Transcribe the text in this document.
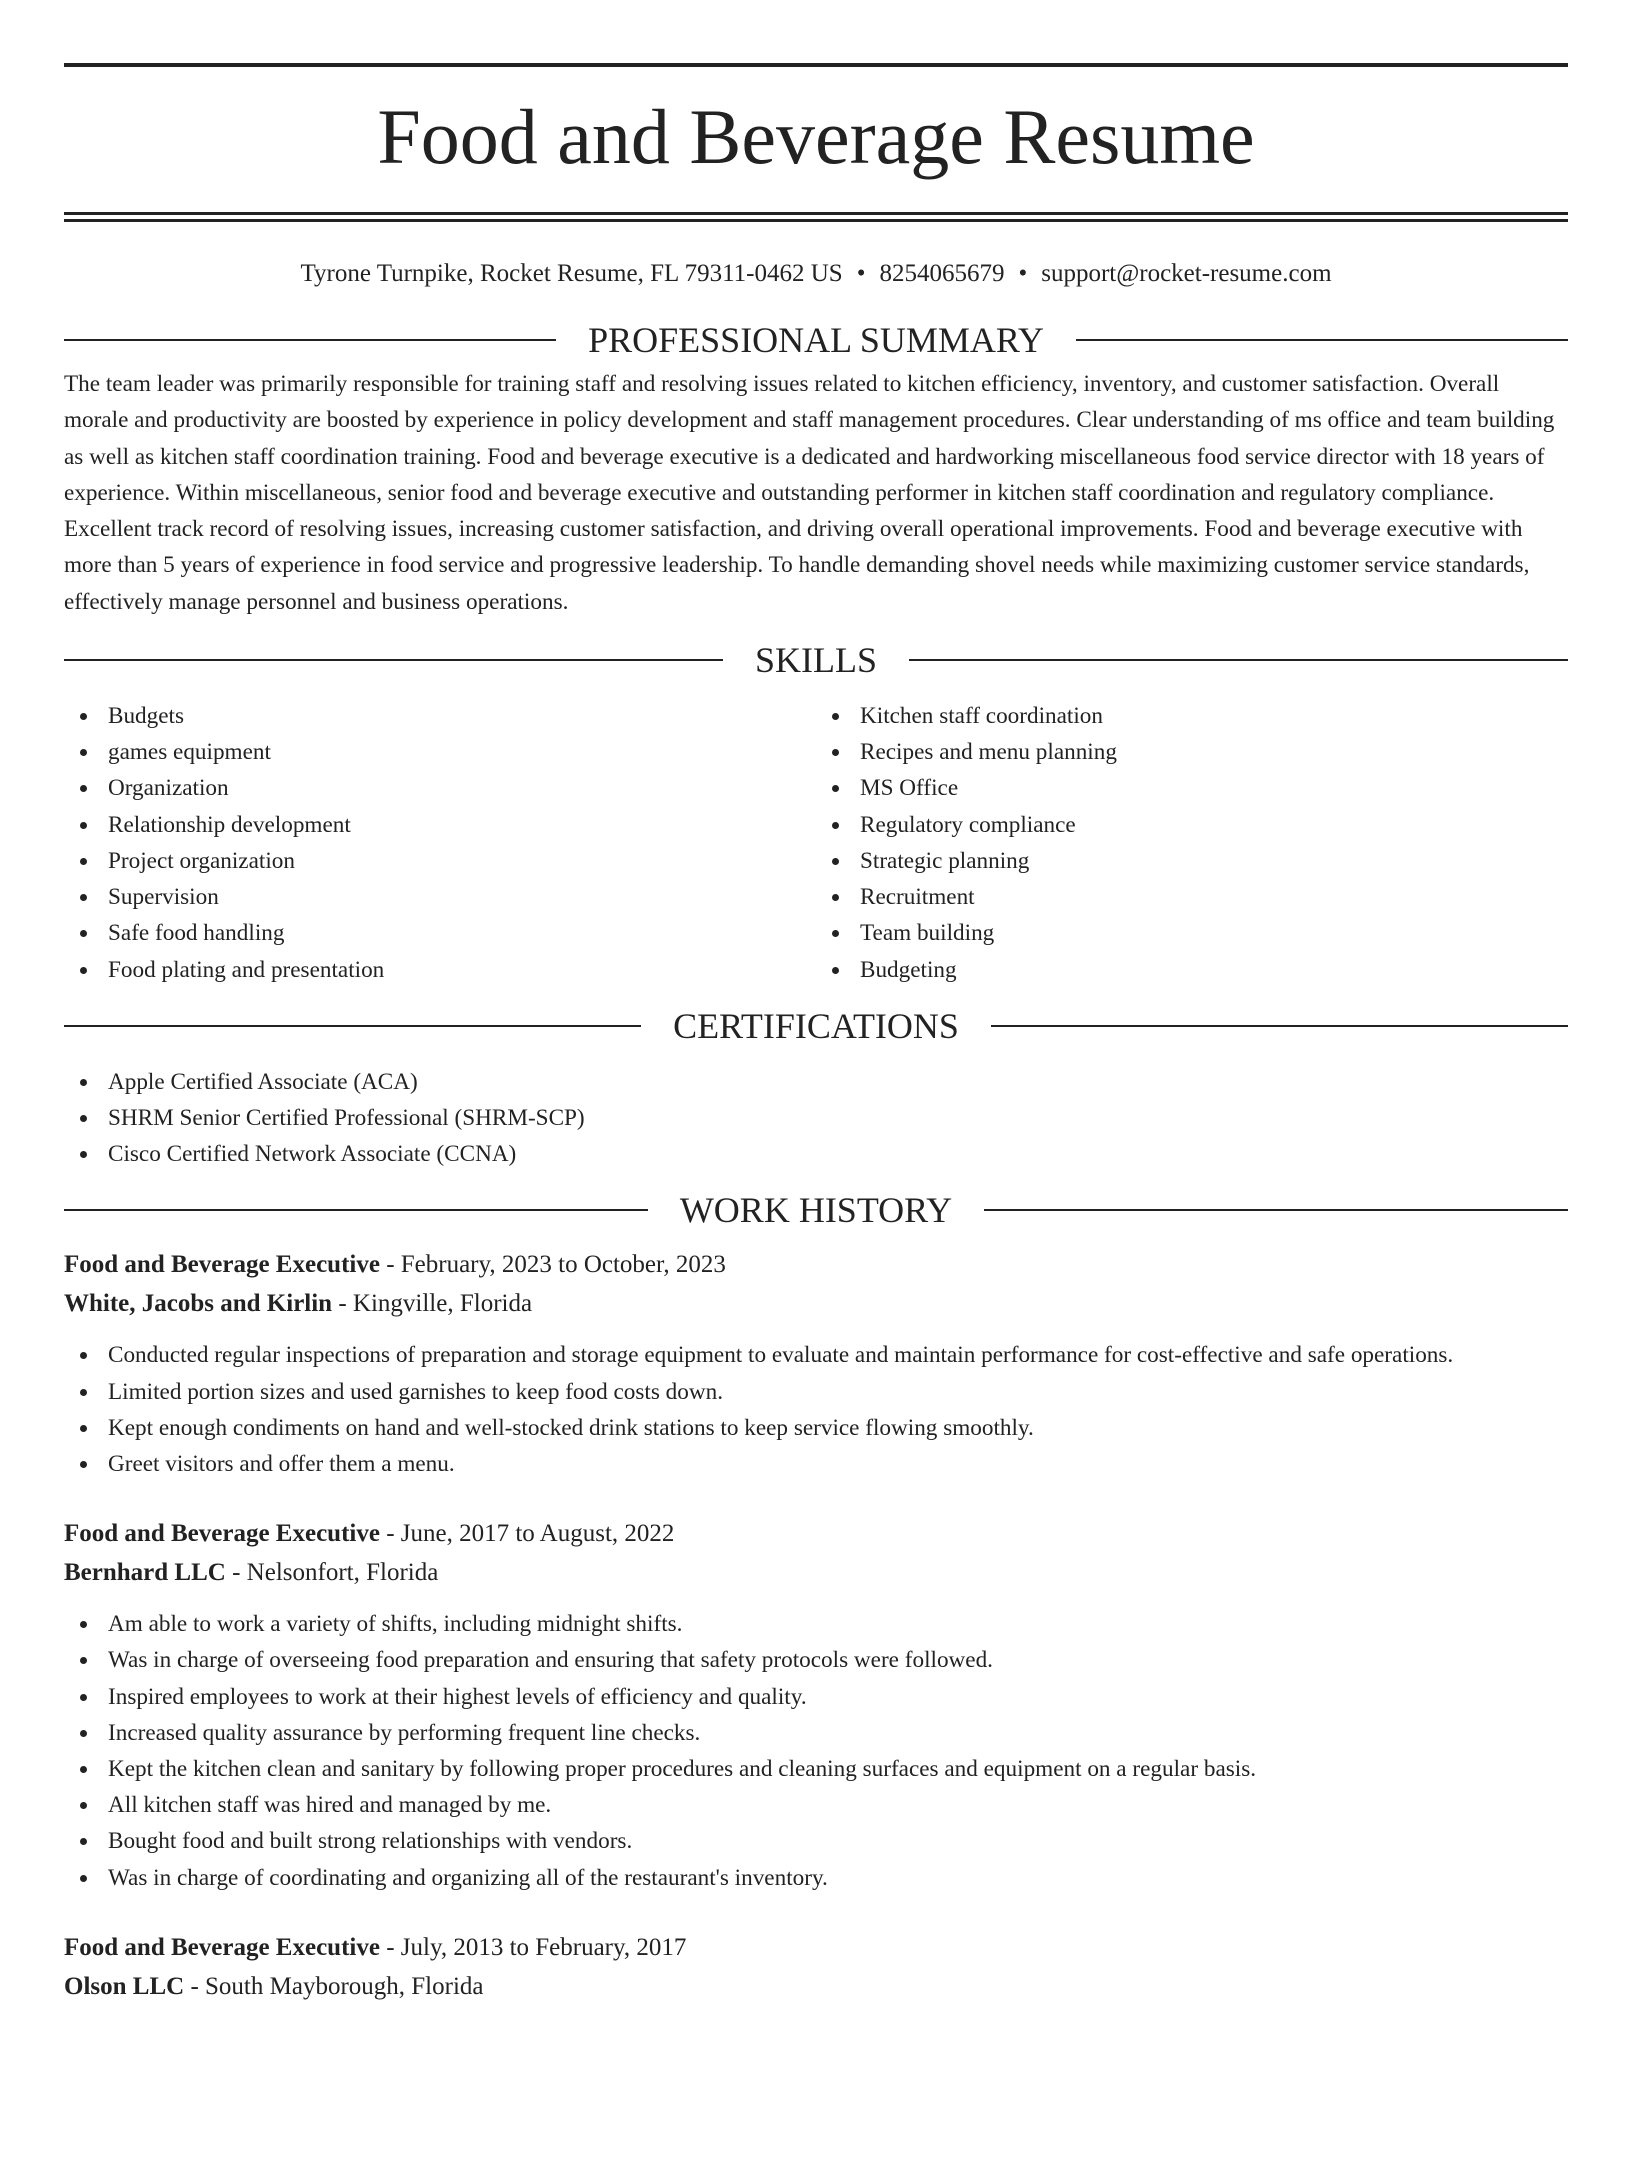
Food and Beverage Resume
Tyrone Turnpike, Rocket Resume, FL 79311-0462 US • 8254065679 • support@rocket-resume.com
PROFESSIONAL SUMMARY

The team leader was primarily responsible for training staff and resolving issues related to kitchen efficiency, inventory, and customer satisfaction. Overall morale and productivity are boosted by experience in policy development and staff management procedures. Clear understanding of ms office and team building as well as kitchen staff coordination training. Food and beverage executive is a dedicated and hardworking miscellaneous food service director with 18 years of experience. Within miscellaneous, senior food and beverage executive and outstanding performer in kitchen staff coordination and regulatory compliance. Excellent track record of resolving issues, increasing customer satisfaction, and driving overall operational improvements. Food and beverage executive with more than 5 years of experience in food service and progressive leadership. To handle demanding shovel needs while maximizing customer service standards, effectively manage personnel and business operations.

SKILLS
Budgets
games equipment
Organization
Relationship development
Project organization
Supervision
Safe food handling
Food plating and presentation
Kitchen staff coordination
Recipes and menu planning
MS Office
Regulatory compliance
Strategic planning
Recruitment
Team building
Budgeting
CERTIFICATIONS
Apple Certified Associate (ACA)
SHRM Senior Certified Professional (SHRM-SCP)
Cisco Certified Network Associate (CCNA)
WORK HISTORY
Food and Beverage Executive - February, 2023 to October, 2023
White, Jacobs and Kirlin - Kingville, Florida
Conducted regular inspections of preparation and storage equipment to evaluate and maintain performance for cost-effective and safe operations.
Limited portion sizes and used garnishes to keep food costs down.
Kept enough condiments on hand and well-stocked drink stations to keep service flowing smoothly.
Greet visitors and offer them a menu.
Food and Beverage Executive - June, 2017 to August, 2022
Bernhard LLC - Nelsonfort, Florida
Am able to work a variety of shifts, including midnight shifts.
Was in charge of overseeing food preparation and ensuring that safety protocols were followed.
Inspired employees to work at their highest levels of efficiency and quality.
Increased quality assurance by performing frequent line checks.
Kept the kitchen clean and sanitary by following proper procedures and cleaning surfaces and equipment on a regular basis.
All kitchen staff was hired and managed by me.
Bought food and built strong relationships with vendors.
Was in charge of coordinating and organizing all of the restaurant's inventory.
Food and Beverage Executive - July, 2013 to February, 2017
Olson LLC - South Mayborough, Florida
